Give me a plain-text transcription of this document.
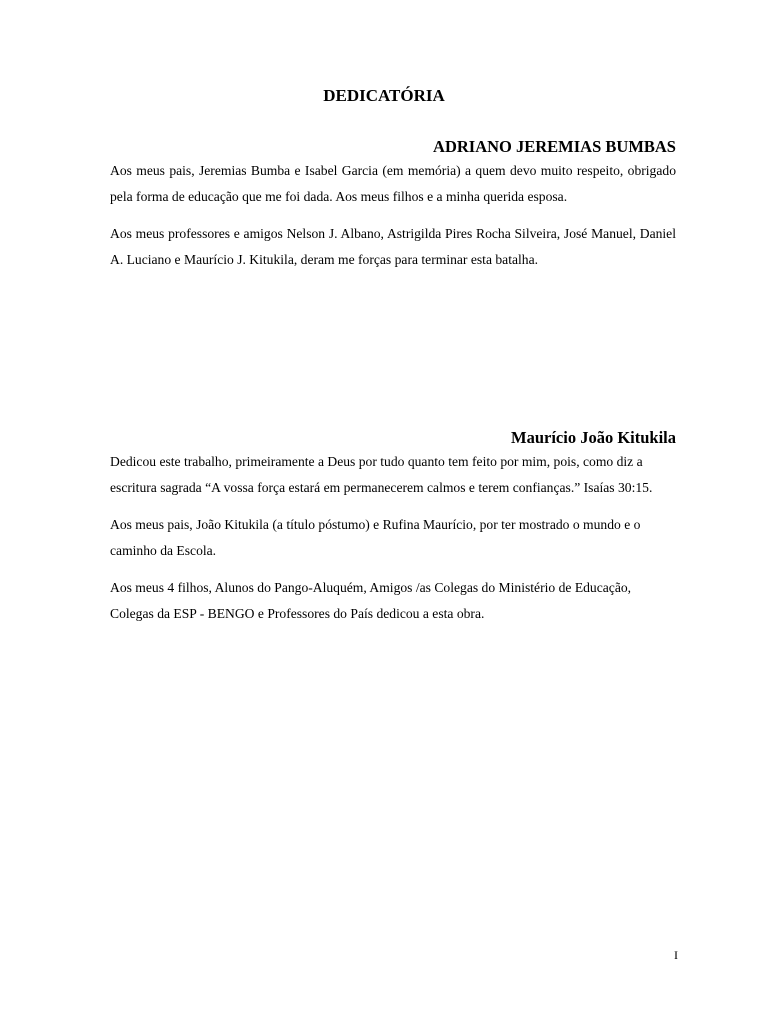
DEDICATÓRIA
ADRIANO JEREMIAS BUMBAS

Aos meus pais, Jeremias Bumba e Isabel Garcia (em memória) a quem devo muito respeito, obrigado pela forma de educação que me foi dada. Aos meus filhos e a minha querida esposa.

Aos meus professores e amigos Nelson J. Albano, Astrigilda Pires Rocha Silveira, José Manuel, Daniel A. Luciano e Maurício J. Kitukila, deram me forças para terminar esta batalha.

Maurício João Kitukila

Dedicou este trabalho, primeiramente a Deus por tudo quanto tem feito por mim, pois, como diz a escritura sagrada “A vossa força estará em permanecerem calmos e terem confianças.” Isaías 30:15.

Aos meus pais, João Kitukila (a título póstumo) e Rufina Maurício, por ter mostrado o mundo e o caminho da Escola.

Aos meus 4 filhos, Alunos do Pango-Aluquém, Amigos /as Colegas do Ministério de Educação, Colegas da ESP - BENGO e Professores do País dedicou a esta obra.

I
